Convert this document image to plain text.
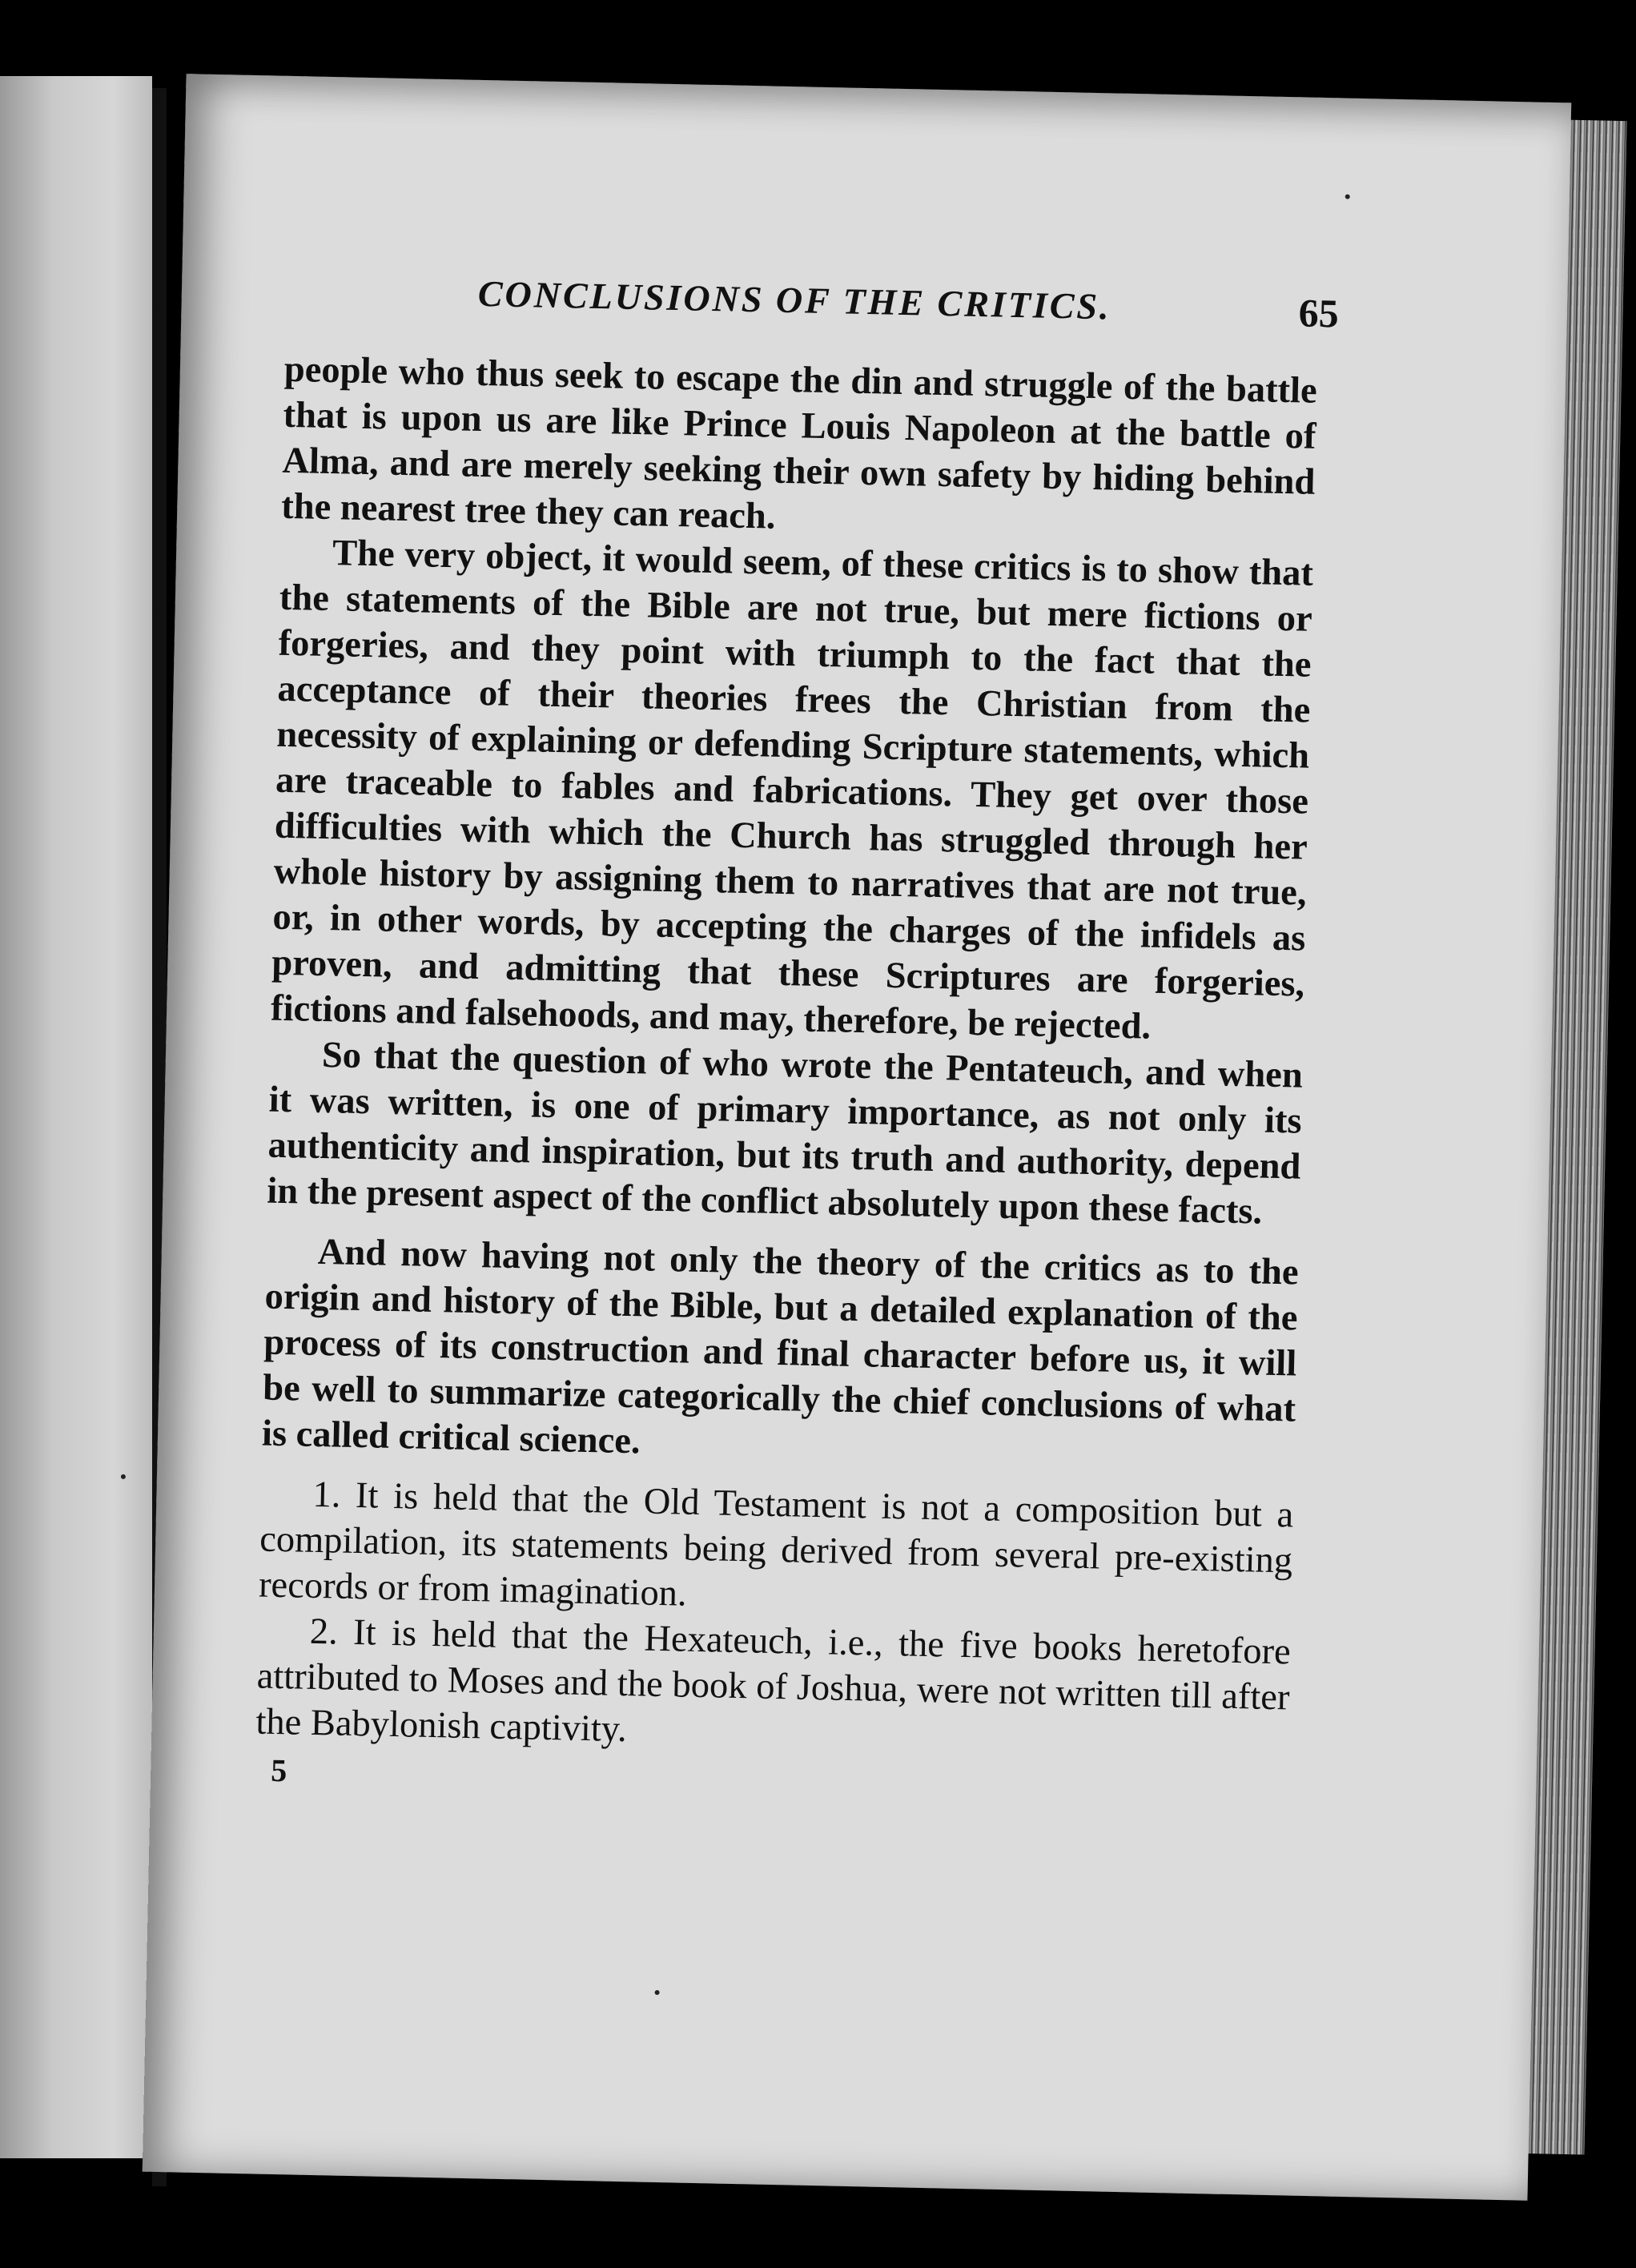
CONCLUSIONS OF THE CRITICS.	65

people who thus seek to escape the din and struggle of the battle that is upon us are like Prince Louis Napoleon at the battle of Alma, and are merely seeking their own safety by hiding behind the nearest tree they can reach.

The very object, it would seem, of these critics is to show that the statements of the Bible are not true, but mere fictions or forgeries, and they point with triumph to the fact that the acceptance of their theories frees the Christian from the necessity of explaining or defending Scripture statements, which are traceable to fables and fabrications. They get over those difficulties with which the Church has struggled through her whole history by assigning them to narratives that are not true, or, in other words, by accepting the charges of the infidels as proven, and admitting that these Scriptures are forgeries, fictions and falsehoods, and may, therefore, be rejected.

So that the question of who wrote the Pentateuch, and when it was written, is one of primary importance, as not only its authenticity and inspiration, but its truth and authority, depend in the present aspect of the conflict absolutely upon these facts.

And now having not only the theory of the critics as to the origin and history of the Bible, but a detailed explanation of the process of its construction and final character before us, it will be well to summarize categorically the chief conclusions of what is called critical science.

1. It is held that the Old Testament is not a composition but a compilation, its statements being derived from several pre-existing records or from imagination.

2. It is held that the Hexateuch, i.e., the five books heretofore attributed to Moses and the book of Joshua, were not written till after the Babylonish captivity.

5
